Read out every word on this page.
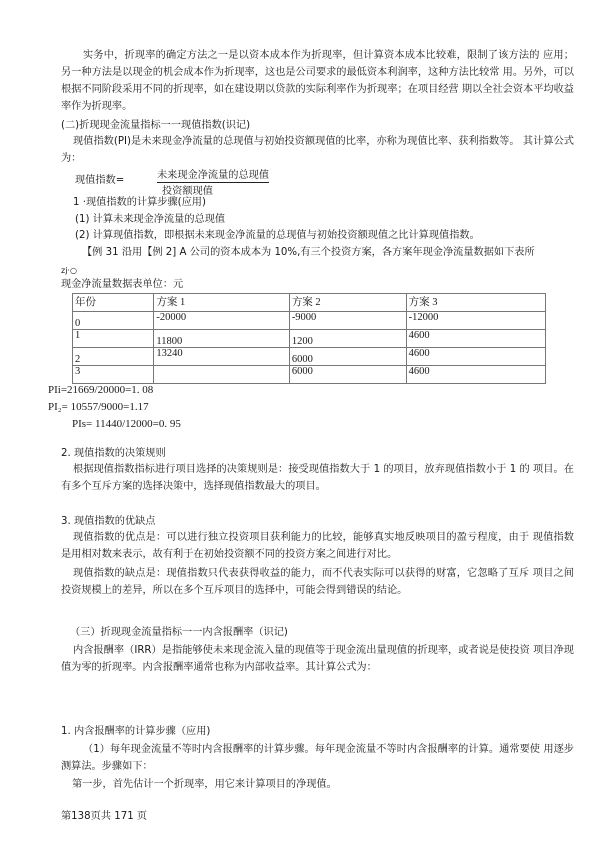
实务中，折现率的确定方法之一是以资本成本作为折现率，但计算资本成本比较难，限制了该方法的 应用；另一种方法是以现金的机会成本作为折现率，这也是公司要求的最低资本利润率，这种方法比较常 用。另外，可以根据不同阶段采用不同的折现率，如在建设期以贷款的实际利率作为折现率；在项目经营 期以全社会资本平均收益率作为折现率。
(二)折现现金流量指标一一现值指数(识记)
现值指数(PI)是未来现金净流量的总现值与初始投资额现值的比率，亦称为现值比率、获利指数等。 其计算公式为：
现值指数=	未来现金净流量的总现值
投资额现值
1 ·现值指数的计算步骤(应用)
(1) 计算未来现金净流量的总现值
(2) 计算现值指数，即根据未来现金净流量的总现值与初始投资额现值之比计算现值指数。
【例 31 沿用【例 2] A 公司的资本成本为 10%,有三个投资方案，各方案年现金净流量数据如下表所
zj·○
现金净流量数据表单位：元
年份	方案 1	方案 2	方案 3
0	-20000	-9000	-12000
1	11800	1200	4600
2	13240	6000	4600
3		6000	4600
PIi=21669/20000=1. 08
PI₂= 10557/9000=1.17
PIs= 11440/12000=0. 95
2. 现值指数的决策规则
根据现值指数指标进行项目选择的决策规则是：接受现值指数大于 1 的项目，放弃现值指数小于 1 的 项目。在有多个互斥方案的选择决策中，选择现值指数最大的项目。
3. 现值指数的优缺点
现值指数的优点是：可以进行独立投资项目获利能力的比较，能够真实地反映项目的盈亏程度，由于 现值指数是用相对数来表示，故有利于在初始投资额不同的投资方案之间进行对比。
现值指数的缺点是：现值指数只代表获得收益的能力，而不代表实际可以获得的财富，它忽略了互斥 项目之间投资规模上的差异，所以在多个互斥项目的选择中，可能会得到错误的结论。
（三）折现现金流量指标一一内含报酬率（识记)
内含报酬率（IRR）是指能够使未来现金流入量的现值等于现金流出量现值的折现率，或者说是使投资 项目净现值为零的折现率。内含报酬率通常也称为内部收益率。其计算公式为：
1. 内含报酬率的计算步骤（应用)
（1）每年现金流量不等时内含报酬率的计算步骤。每年现金流量不等时内含报酬率的计算。通常要使 用逐步测算法。步骤如下：
第一步，首先估计一个折现率，用它来计算项目的净现值。
第138页共 171 页
